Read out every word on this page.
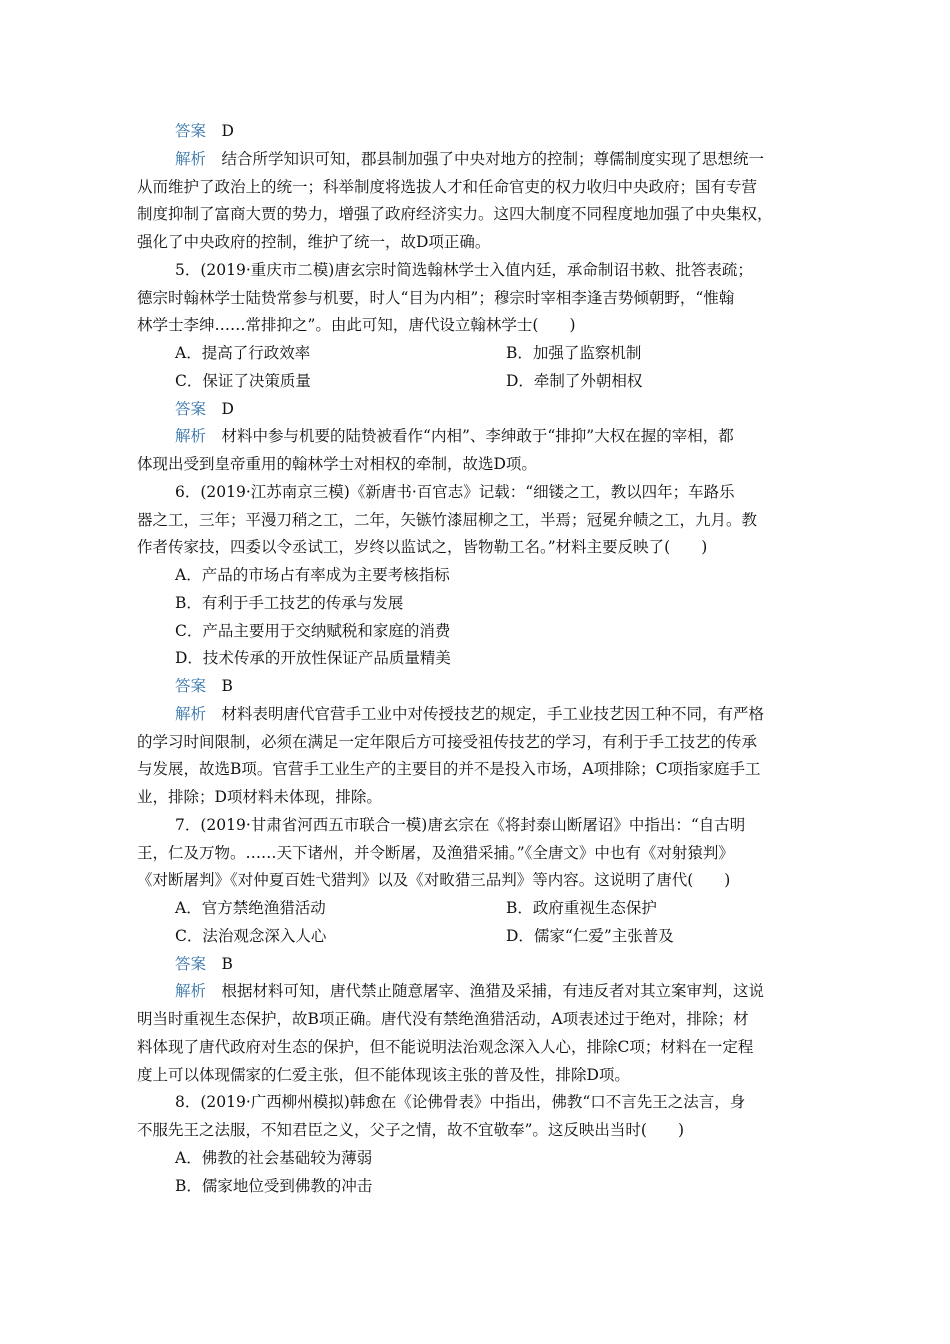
答案　 D
解析　 结合所学知识可知，郡县制加强了中央对地方的控制；尊儒制度实现了思想统一
从而维护了政治上的统一；科举制度将选拔人才和任命官吏的权力收归中央政府；国有专营
制度抑制了富商大贾的势力，增强了政府经济实力。这四大制度不同程度地加强了中央集权，
强化了中央政府的控制，维护了统一，故D项正确。
5．(2019·重庆市二模)唐玄宗时简选翰林学士入值内廷，承命制诏书敕、批答表疏；
德宗时翰林学士陆贽常参与机要，时人“目为内相”；穆宗时宰相李逢吉势倾朝野，“惟翰
林学士李绅……常排抑之”。由此可知，唐代设立翰林学士(　　)
A．提高了行政效率	B．加强了监察机制
C．保证了决策质量	D．牵制了外朝相权
答案　 D
解析　 材料中参与机要的陆贽被看作“内相”、李绅敢于“排抑”大权在握的宰相，都
体现出受到皇帝重用的翰林学士对相权的牵制，故选D项。
6．(2019·江苏南京三模)《新唐书·百官志》记载：“细镂之工，教以四年；车路乐
器之工，三年；平漫刀稍之工，二年，矢镞竹漆屈柳之工，半焉；冠冕弁帻之工，九月。教
作者传家技，四委以令丞试工，岁终以监试之，皆物勒工名。”材料主要反映了(　　)
A．产品的市场占有率成为主要考核指标
B．有利于手工技艺的传承与发展
C．产品主要用于交纳赋税和家庭的消费
D．技术传承的开放性保证产品质量精美
答案　 B
解析　 材料表明唐代官营手工业中对传授技艺的规定，手工业技艺因工种不同，有严格
的学习时间限制，必须在满足一定年限后方可接受祖传技艺的学习，有利于手工技艺的传承
与发展，故选B项。官营手工业生产的主要目的并不是投入市场，A项排除；C项指家庭手工
业，排除；D项材料未体现，排除。
7．(2019·甘肃省河西五市联合一模)唐玄宗在《将封泰山断屠诏》中指出：“自古明
王，仁及万物。……天下诸州，并令断屠，及渔猎采捕。”《全唐文》中也有《对射猿判》
《对断屠判》《对仲夏百姓弋猎判》以及《对畋猎三品判》等内容。这说明了唐代(　　)
A．官方禁绝渔猎活动	B．政府重视生态保护
C．法治观念深入人心	D．儒家“仁爱”主张普及
答案　 B
解析　 根据材料可知，唐代禁止随意屠宰、渔猎及采捕，有违反者对其立案审判，这说
明当时重视生态保护，故B项正确。唐代没有禁绝渔猎活动，A项表述过于绝对，排除；材
料体现了唐代政府对生态的保护，但不能说明法治观念深入人心，排除C项；材料在一定程
度上可以体现儒家的仁爱主张，但不能体现该主张的普及性，排除D项。
8．(2019·广西柳州模拟)韩愈在《论佛骨表》中指出，佛教“口不言先王之法言，身
不服先王之法服，不知君臣之义，父子之情，故不宜敬奉”。这反映出当时(　　)
A．佛教的社会基础较为薄弱
B．儒家地位受到佛教的冲击
